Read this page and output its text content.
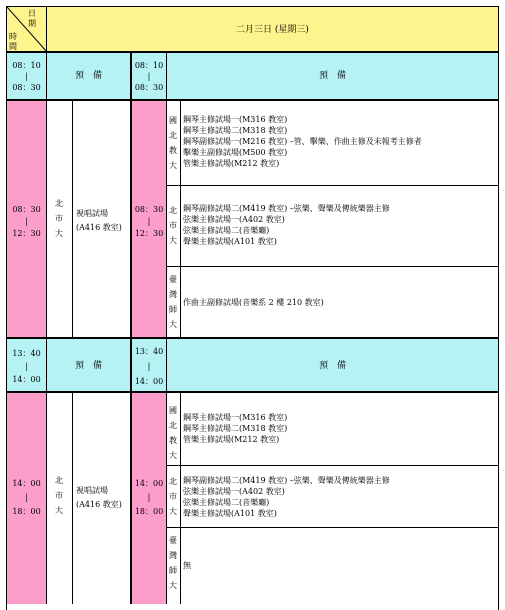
日
期
時
間
二月三日 (星期三)
08：10
|
08：30
預　備
08：10
|
08：30
預　備
08：30
|
12：30
北
市
大
視唱試場
(A416 教室)
08：30
|
12：30
國
北
教
大
鋼琴主修試場一(M316 教室)
鋼琴主修試場二(M318 教室)
鋼琴副修試場一(M216 教室) –管、擊樂、作曲主修及未報考主修者
擊樂主副修試場(M500 教室)
管樂主修試場(M212 教室)
北
市
大
鋼琴副修試場二(M419 教室) –弦樂、聲樂及傳統樂器主修
弦樂主修試場一(A402 教室)
弦樂主修試場二(音樂廳)
聲樂主修試場(A101 教室)
臺
灣
師
大
作曲主副修試場(音樂系 2 樓 210 教室)
13：40
|
14：00
預　備
13：40
|
14：00
預　備
14：00
|
18：00
北
市
大
視唱試場
(A416 教室)
14：00
|
18：00
國
北
教
大
鋼琴主修試場一(M316 教室)
鋼琴主修試場二(M318 教室)
管樂主修試場(M212 教室)
北
市
大
鋼琴副修試場二(M419 教室) –弦樂、聲樂及傳統樂器主修
弦樂主修試場一(A402 教室)
弦樂主修試場二(音樂廳)
聲樂主修試場(A101 教室)
臺
灣
師
大
無
